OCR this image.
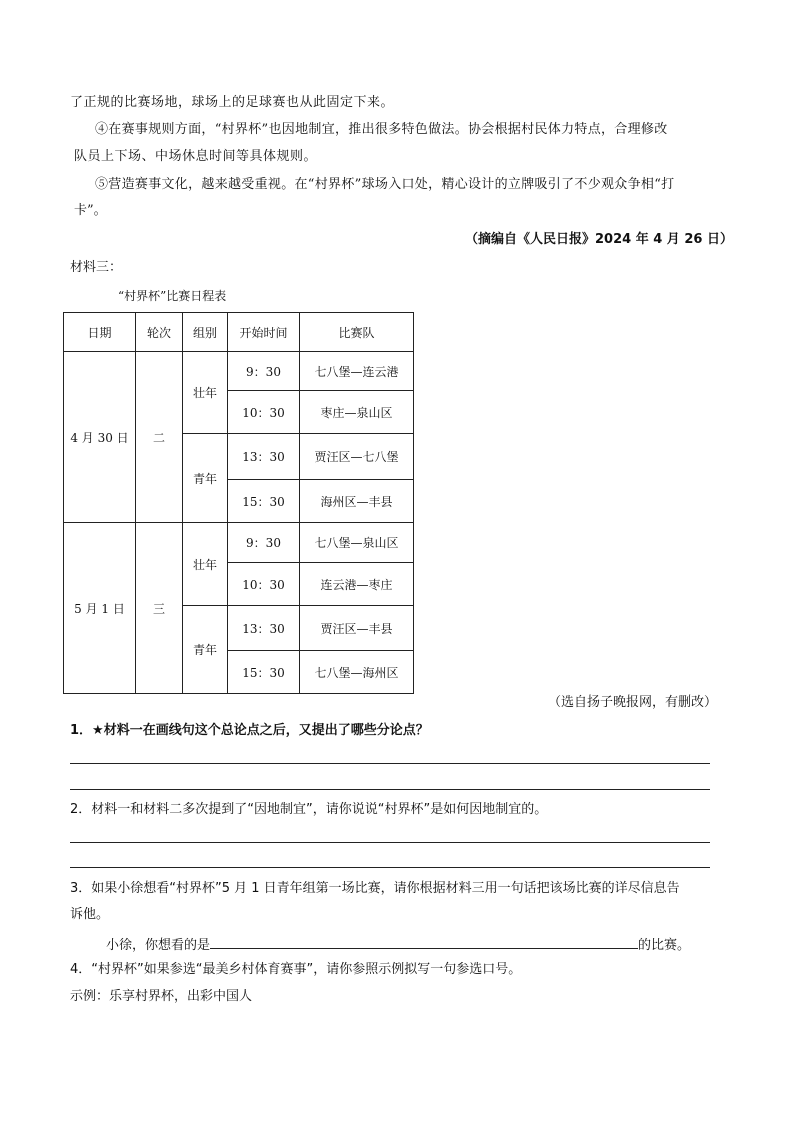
了正规的比赛场地，球场上的足球赛也从此固定下来。
④在赛事规则方面，“村界杯”也因地制宜，推出很多特色做法。协会根据村民体力特点，合理修改
队员上下场、中场休息时间等具体规则。
⑤营造赛事文化，越来越受重视。在“村界杯”球场入口处，精心设计的立牌吸引了不少观众争相“打
卡”。
（摘编自《人民日报》2024 年 4 月 26 日）
材料三：
“村界杯”比赛日程表
日期	轮次	组别	开始时间	比赛队
4 月 30 日	二	壮年	9：30	七八堡—连云港
			10：30	枣庄—泉山区
		青年	13：30	贾汪区—七八堡
			15：30	海州区—丰县
5 月 1 日	三	壮年	9：30	七八堡—泉山区
			10：30	连云港—枣庄
		青年	13：30	贾汪区—丰县
			15：30	七八堡—海州区
（选自扬子晚报网，有删改）
1．★材料一在画线句这个总论点之后，又提出了哪些分论点？
2．材料一和材料二多次提到了“因地制宜”，请你说说“村界杯”是如何因地制宜的。
3．如果小徐想看“村界杯”5 月 1 日青年组第一场比赛，请你根据材料三用一句话把该场比赛的详尽信息告
诉他。
小徐，你想看的是	的比赛。
4．“村界杯”如果参选“最美乡村体育赛事”，请你参照示例拟写一句参选口号。
示例：乐享村界杯，出彩中国人
